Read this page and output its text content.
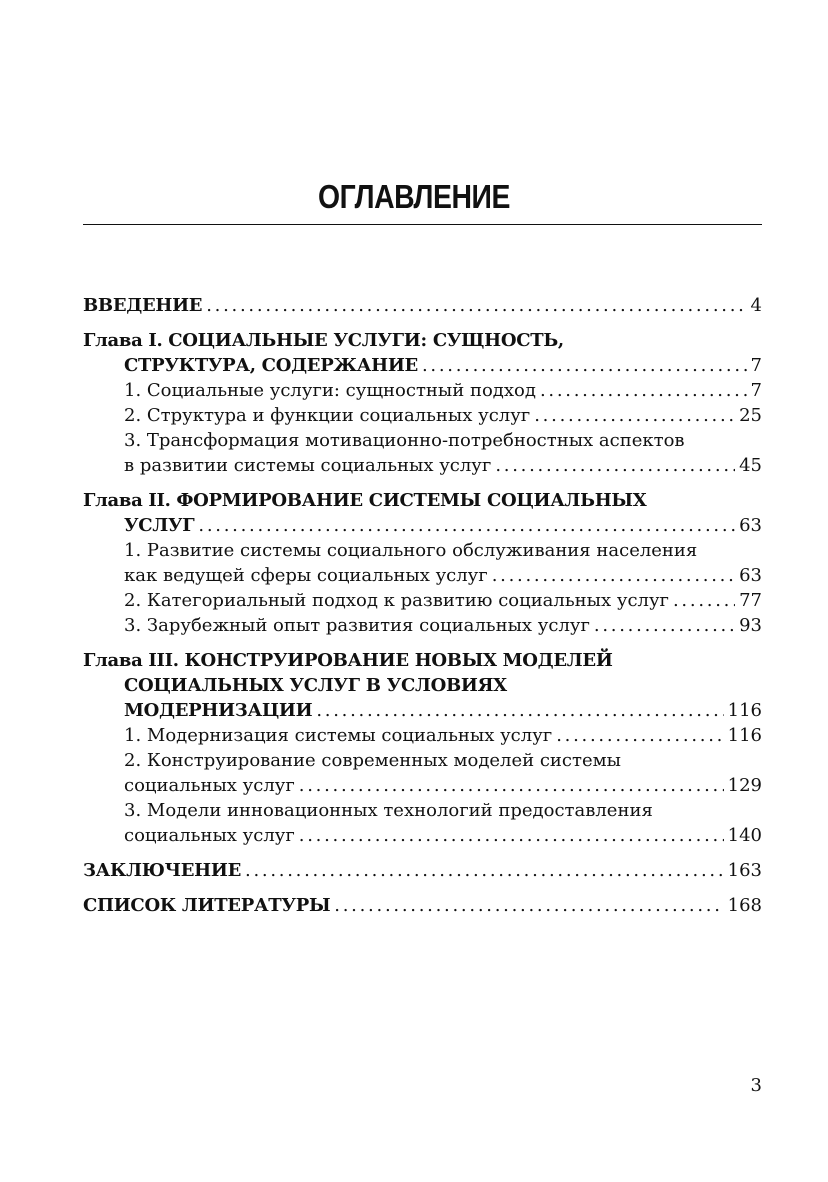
ОГЛАВЛЕНИЕ
ВВЕДЕНИЕ . . .	4
Глава I.
СОЦИАЛЬНЫЕ УСЛУГИ: СУЩНОСТЬ,
СТРУКТУРА, СОДЕРЖАНИЕ . . .	7
1. Социальные услуги: сущностный подход . . .	7
2. Структура и функции социальных услуг . . .	25
3. Трансформация мотивационно-потребностных аспектов
в развитии системы социальных услуг . . .	45
Глава II.
ФОРМИРОВАНИЕ СИСТЕМЫ СОЦИАЛЬНЫХ
УСЛУГ . . .	63
1. Развитие системы социального обслуживания населения
как ведущей сферы социальных услуг . . .	63
2. Категориальный подход к развитию социальных услуг . . .	77
3. Зарубежный опыт развития социальных услуг . . .	93
Глава III.
КОНСТРУИРОВАНИЕ НОВЫХ МОДЕЛЕЙ
СОЦИАЛЬНЫХ УСЛУГ В УСЛОВИЯХ
МОДЕРНИЗАЦИИ . . .	116
1. Модернизация системы социальных услуг . . .	116
2. Конструирование современных моделей системы
социальных услуг . . .	129
3. Модели инновационных технологий предоставления
социальных услуг . . .	140
ЗАКЛЮЧЕНИЕ . . .	163
СПИСОК ЛИТЕРАТУРЫ . . .	168
3
